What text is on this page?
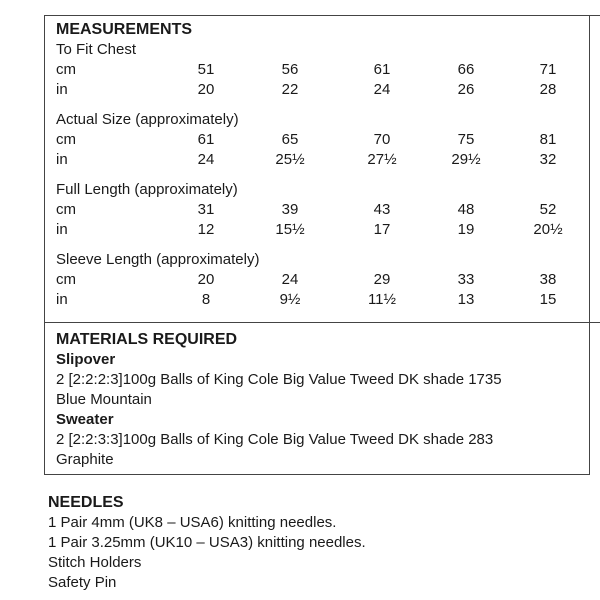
MEASUREMENTS
To Fit Chest
cm	51	56	61	66	71
in	20	22	24	26	28
Actual Size (approximately)
cm	61	65	70	75	81
in	24	25½	27½	29½	32
Full Length (approximately)
cm	31	39	43	48	52
in	12	15½	17	19	20½
Sleeve Length (approximately)
cm	20	24	29	33	38
in	8	9½	11½	13	15
MATERIALS REQUIRED
Slipover
2 [2:2:2:3]100g Balls of King Cole Big Value Tweed DK shade 1735
Blue Mountain
Sweater
2 [2:2:3:3]100g Balls of King Cole Big Value Tweed DK shade 283
Graphite
NEEDLES
1 Pair 4mm (UK8 – USA6) knitting needles.
1 Pair 3.25mm (UK10 – USA3) knitting needles.
Stitch Holders
Safety Pin
